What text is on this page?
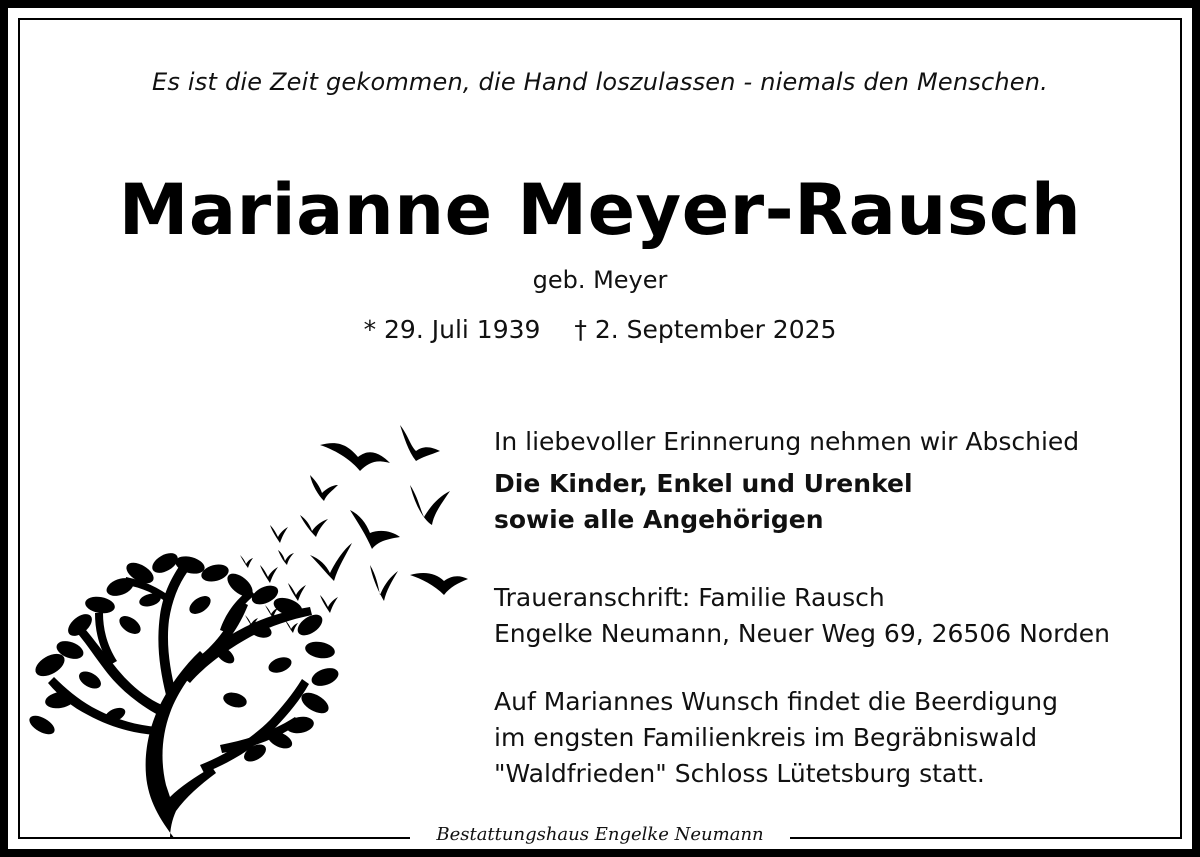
Es ist die Zeit gekommen, die Hand loszulassen - niemals den Menschen.
Marianne Meyer-Rausch
geb. Meyer
* 29. Juli 1939 † 2. September 2025
In liebevoller Erinnerung nehmen wir Abschied
Die Kinder, Enkel und Urenkel
sowie alle Angehörigen
Traueranschrift: Familie Rausch
Engelke Neumann, Neuer Weg 69, 26506 Norden
Auf Mariannes Wunsch findet die Beerdigung
im engsten Familienkreis im Begräbniswald
"Waldfrieden" Schloss Lütetsburg statt.
Bestattungshaus Engelke Neumann
